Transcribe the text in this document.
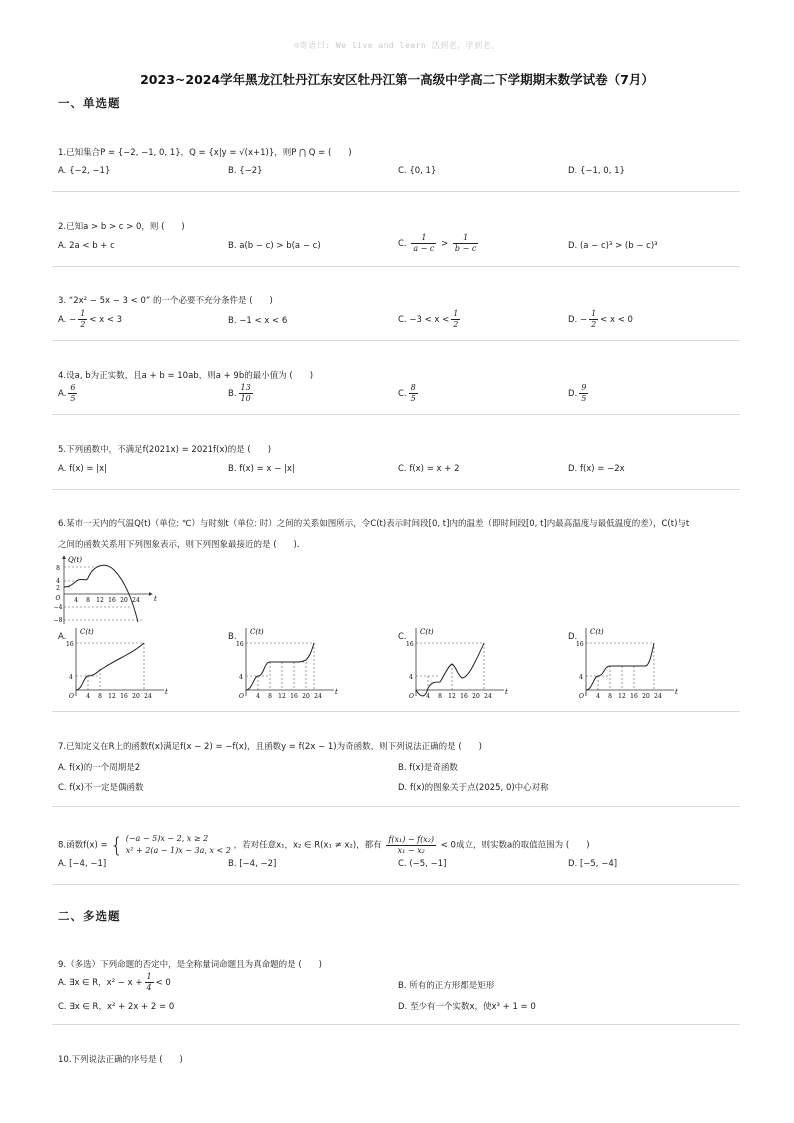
☺寄语曰: We live and learn 活到老，学到老。
2023~2024学年黑龙江牡丹江东安区牡丹江第一高级中学高二下学期期末数学试卷（7月）
一、单选题
1.已知集合P = {−2, −1, 0, 1}，Q = {x|y = √(x+1)}，则P ⋂ Q = (　　)
A. {−2, −1}	B. {−2}	C. {0, 1}	D. {−1, 0, 1}
2.已知a > b > c > 0，则 (　　)
A. 2a < b + c	B. a(b − c) > b(a − c)	C. $\frac{1}{a - c} > \frac{1}{b - c}$	D. (a − c)³ > (b − c)³
3. “2x² − 5x − 3 < 0” 的一个必要不充分条件是 (　　)
A. − $\frac{1}{2} < x < 3$	B. −1 < x < 6	C. $-3 < x < \frac{1}{2}$	D. − $\frac{1}{2} < x < 0$
4.设a, b为正实数，且a + b = 10ab，则a + 9b的最小值为 (　　)
A. $\frac{6}{5}$	B. $\frac{13}{10}$	C. $\frac{8}{5}$	D. $\frac{9}{5}$
5.下列函数中，不满足f(2021x) = 2021f(x)的是 (　　)
A. f(x) = |x|	B. f(x) = x − |x|	C. f(x) = x + 2	D. f(x) = −2x
6.某市一天内的气温Q(t)（单位: ℃）与时刻t（单位: 时）之间的关系如图所示，令C(t)表示时间段[0, t]内的温差（即时间段[0, t]内最高温度与最低温度的差），C(t)与t
之间的函数关系用下列图象表示，则下列图象最接近的是 (　　)．
Q(t)
t
8
4
2
O
−4
−8
4 8 12 16 20 24
A.	B.	C.	D.
C(t)
16
4
O 4 8 12 16 20 24
t
C(t)
16
4
O 4 8 12 16 20 24
t
C(t)
16
4
O 4 8 12 16 20 24
t
C(t)
16
4
O 4 8 12 16 20 24
t
7.已知定义在R上的函数f(x)满足f(x − 2) = −f(x)，且函数y = f(2x − 1)为奇函数，则下列说法正确的是 (　　)
A. f(x)的一个周期是2	B. f(x)是奇函数
C. f(x)不一定是偶函数	D. f(x)的图象关于点(2025, 0)中心对称
8.函数f(x) = { (−a − 5)x − 2, x ≥ 2
x² + 2(a − 1)x − 3a, x < 2 ，若对任意x₁，x₂ ∈ R(x₁ ≠ x₂)，都有 $\frac{\text{f(x₁) − f(x₂)}}{\text{x₁ − x₂}} < 0$成立，则实数a的取值范围为 (　　)
A. [−4, −1]	B. [−4, −2]	C. (−5, −1]	D. [−5, −4]
二、多选题
9.（多选）下列命题的否定中，是全称量词命题且为真命题的是 (　　)
A. ∃x ∈ R，$x^2 - x + \frac{1}{4} < 0$	B. 所有的正方形都是矩形
C. ∃x ∈ R，x² + 2x + 2 = 0	D. 至少有一个实数x，使x³ + 1 = 0
10.下列说法正确的序号是 (　　)
